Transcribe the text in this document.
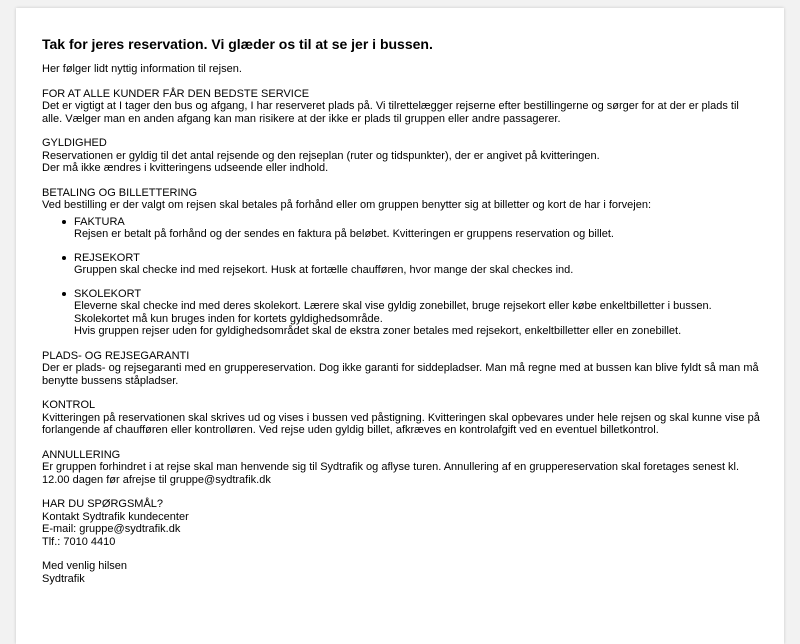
Tak for jeres reservation. Vi glæder os til at se jer i bussen.
Her følger lidt nyttig information til rejsen.
FOR AT ALLE KUNDER FÅR DEN BEDSTE SERVICE
Det er vigtigt at I tager den bus og afgang, I har reserveret plads på. Vi tilrettelægger rejserne efter bestillingerne og sørger for at der er plads til alle. Vælger man en anden afgang kan man risikere at der ikke er plads til gruppen eller andre passagerer.
GYLDIGHED
Reservationen er gyldig til det antal rejsende og den rejseplan (ruter og tidspunkter), der er angivet på kvitteringen.
Der må ikke ændres i kvitteringens udseende eller indhold.
BETALING OG BILLETTERING
Ved bestilling er der valgt om rejsen skal betales på forhånd eller om gruppen benytter sig at billetter og kort de har i forvejen:
FAKTURA
Rejsen er betalt på forhånd og der sendes en faktura på beløbet. Kvitteringen er gruppens reservation og billet.
REJSEKORT
Gruppen skal checke ind med rejsekort. Husk at fortælle chaufføren, hvor mange der skal checkes ind.
SKOLEKORT
Eleverne skal checke ind med deres skolekort. Lærere skal vise gyldig zonebillet, bruge rejsekort eller købe enkeltbilletter i bussen.
Skolekortet må kun bruges inden for kortets gyldighedsområde.
Hvis gruppen rejser uden for gyldighedsområdet skal de ekstra zoner betales med rejsekort, enkeltbilletter eller en zonebillet.
PLADS- OG REJSEGARANTI
Der er plads- og rejsegaranti med en gruppereservation. Dog ikke garanti for siddepladser. Man må regne med at bussen kan blive fyldt så man må benytte bussens ståpladser.
KONTROL
Kvitteringen på reservationen skal skrives ud og vises i bussen ved påstigning. Kvitteringen skal opbevares under hele rejsen og skal kunne vise på forlangende af chaufføren eller kontrolløren. Ved rejse uden gyldig billet, afkræves en kontrolafgift ved en eventuel billetkontrol.
ANNULLERING
Er gruppen forhindret i at rejse skal man henvende sig til Sydtrafik og aflyse turen. Annullering af en gruppereservation skal foretages senest kl. 12.00 dagen før afrejse til gruppe@sydtrafik.dk
HAR DU SPØRGSMÅL?
Kontakt Sydtrafik kundecenter
E-mail: gruppe@sydtrafik.dk
Tlf.: 7010 4410
Med venlig hilsen
Sydtrafik
